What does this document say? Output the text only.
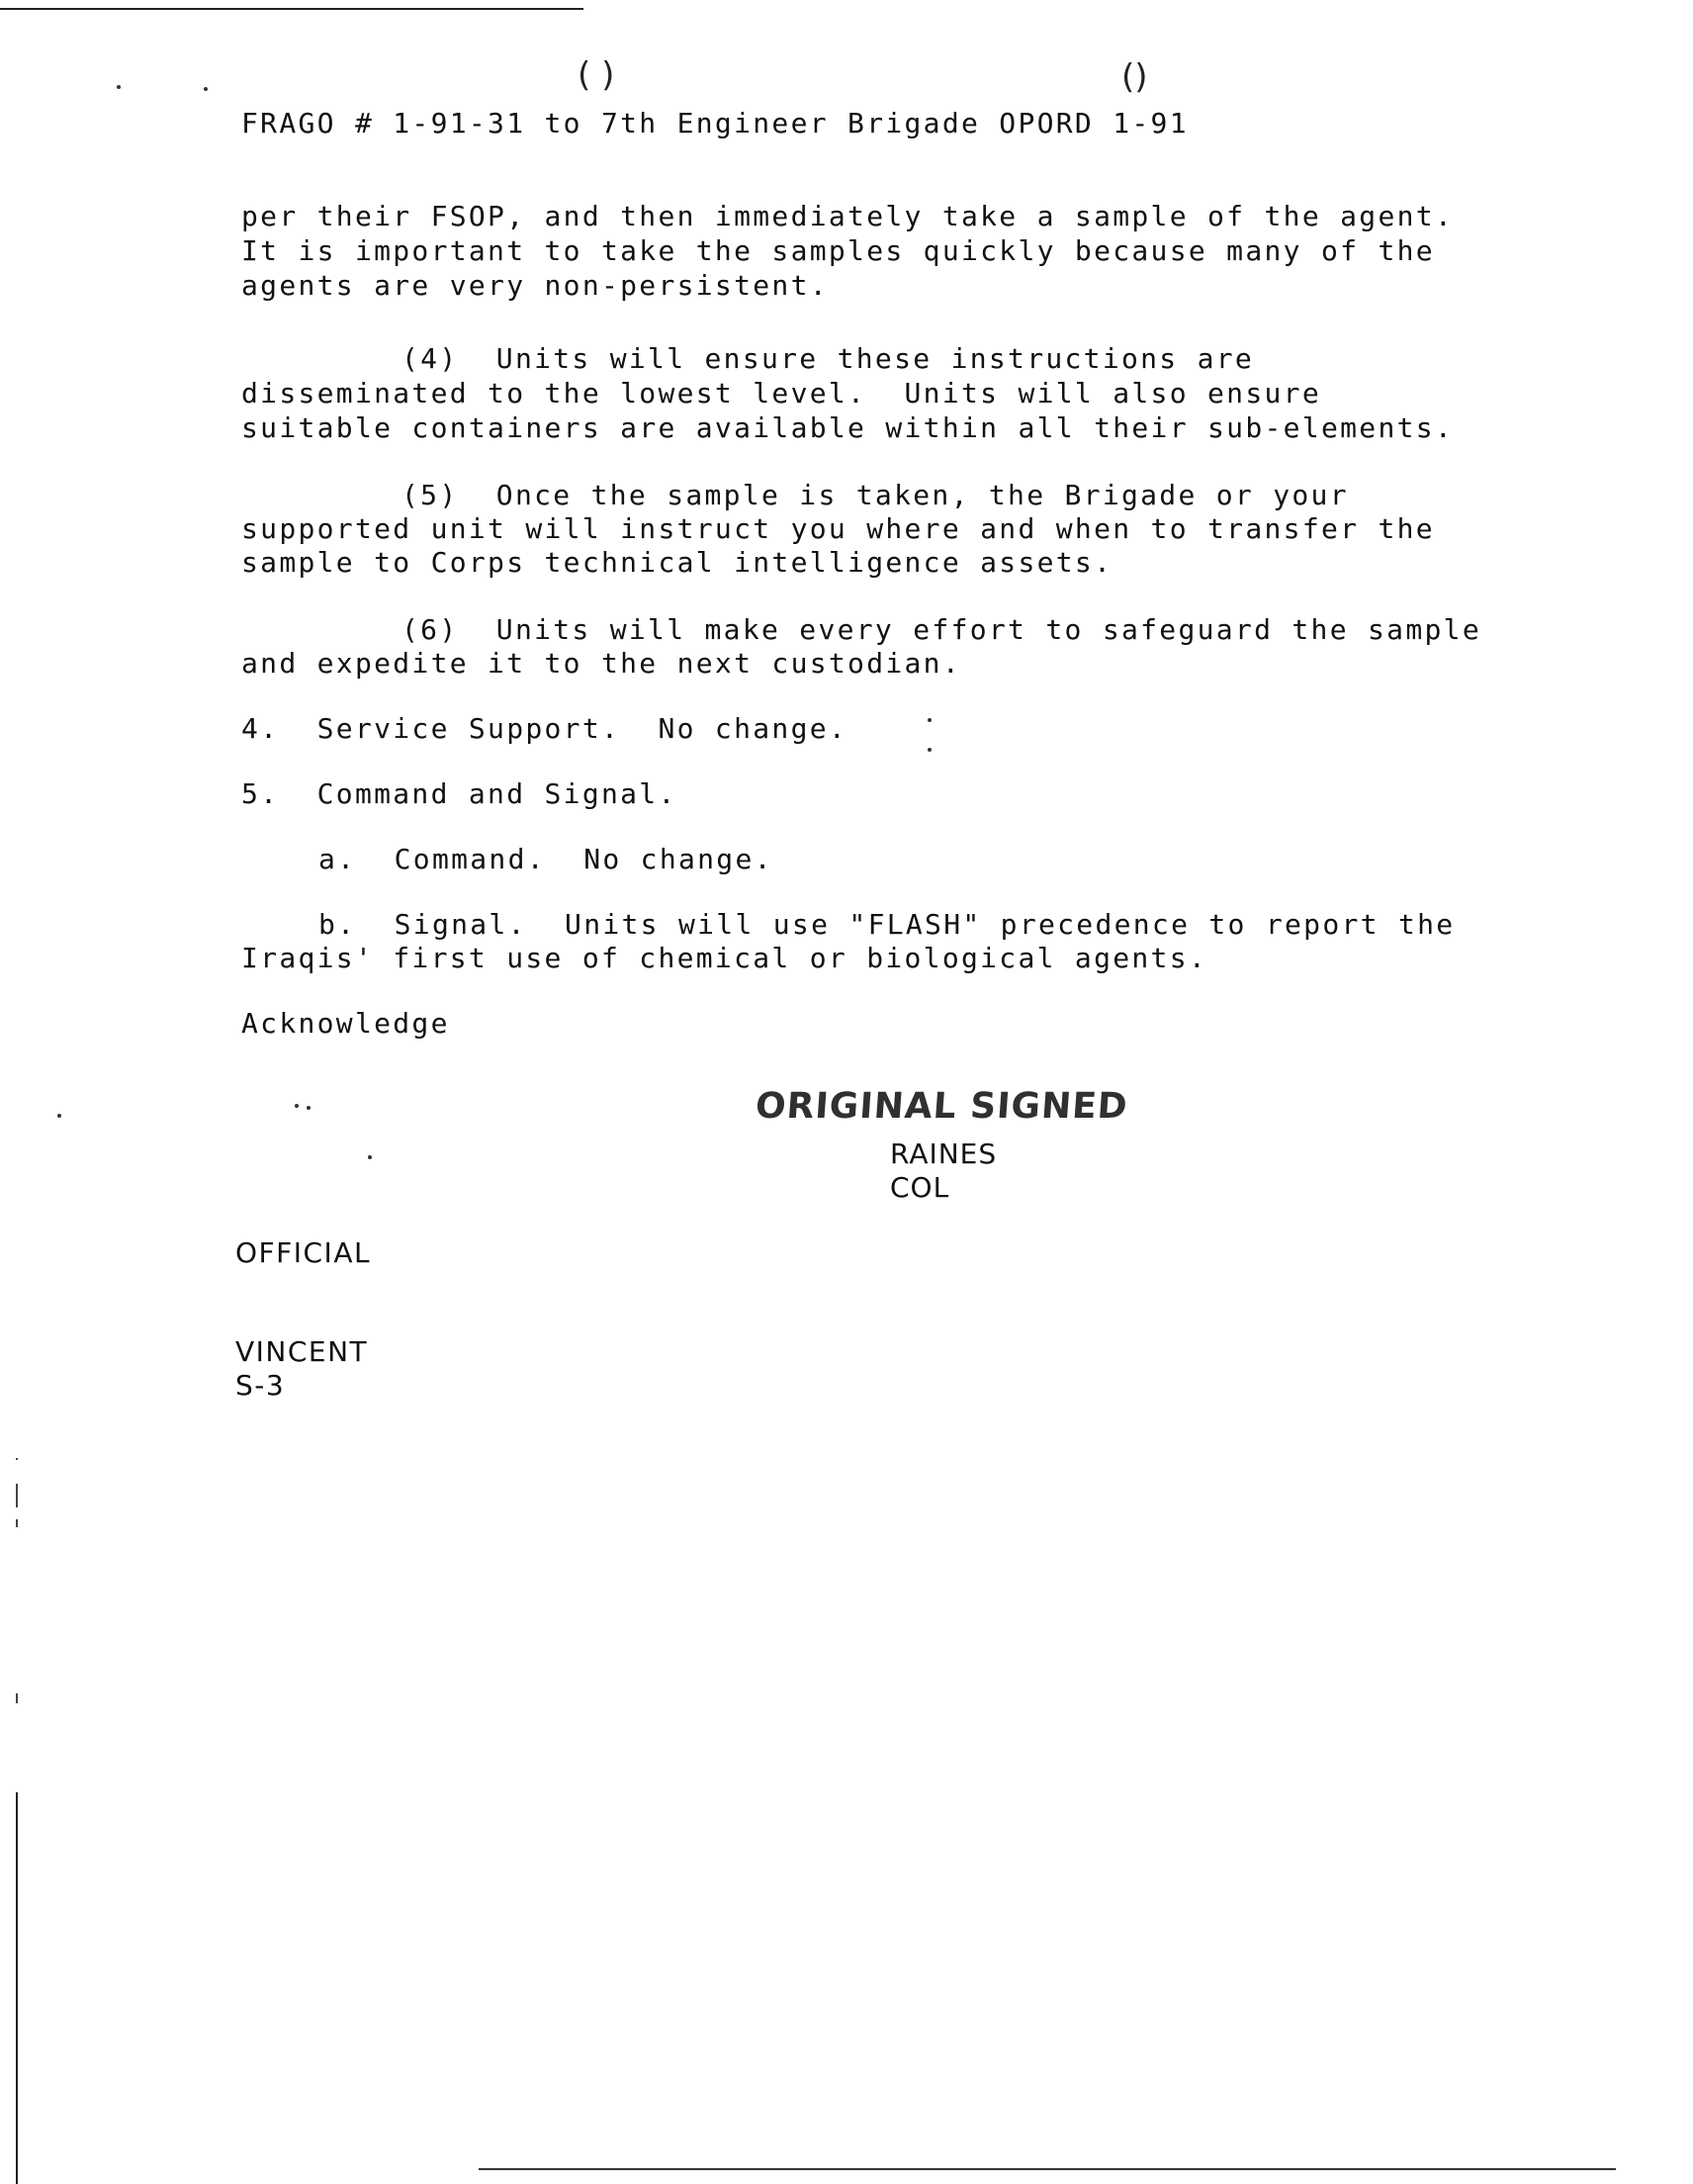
( )	()
FRAGO # 1-91-31 to 7th Engineer Brigade OPORD 1-91
per their FSOP, and then immediately take a sample of the agent.
It is important to take the samples quickly because many of the
agents are very non-persistent.
(4)  Units will ensure these instructions are
disseminated to the lowest level.  Units will also ensure
suitable containers are available within all their sub-elements.
(5)  Once the sample is taken, the Brigade or your
supported unit will instruct you where and when to transfer the
sample to Corps technical intelligence assets.
(6)  Units will make every effort to safeguard the sample
and expedite it to the next custodian.
4.  Service Support.  No change.
5.  Command and Signal.
a.  Command.  No change.
b.  Signal.  Units will use "FLASH" precedence to report the
Iraqis' first use of chemical or biological agents.
Acknowledge
ORIGINAL SIGNED
RAINES
COL
OFFICIAL
VINCENT
S-3
